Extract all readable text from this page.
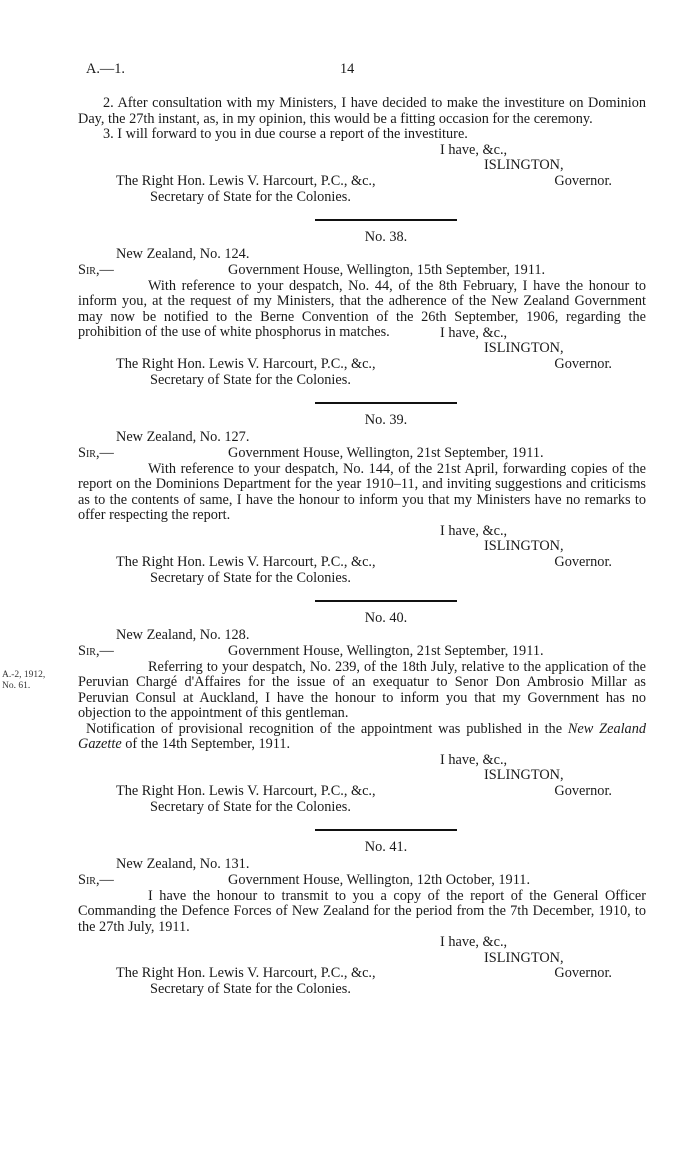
A.—1.	14

2. After consultation with my Ministers, I have decided to make the investiture on Dominion Day, the 27th instant, as, in my opinion, this would be a fitting occasion for the ceremony.

3. I will forward to you in due course a report of the investiture.

I have, &c.,
ISLINGTON,
The Right Hon. Lewis V. Harcourt, P.C., &c.,	Governor.
Secretary of State for the Colonies.
No. 38.
New Zealand, No. 124.
Sir,—	Government House, Wellington, 15th September, 1911.

With reference to your despatch, No. 44, of the 8th February, I have the honour to inform you, at the request of my Ministers, that the adherence of the New Zealand Government may now be notified to the Berne Convention of the 26th September, 1906, regarding the prohibition of the use of white phosphorus in matches.	I have, &c.,
ISLINGTON,
The Right Hon. Lewis V. Harcourt, P.C., &c.,	Governor.
Secretary of State for the Colonies.
No. 39.
New Zealand, No. 127.
Sir,—	Government House, Wellington, 21st September, 1911.

With reference to your despatch, No. 144, of the 21st April, forwarding copies of the report on the Dominions Department for the year 1910–11, and inviting suggestions and criticisms as to the contents of same, I have the honour to inform you that my Ministers have no remarks to offer respecting the report.

I have, &c.,
ISLINGTON,
The Right Hon. Lewis V. Harcourt, P.C., &c.,	Governor.
Secretary of State for the Colonies.
No. 40.
New Zealand, No. 128.
Sir,—	Government House, Wellington, 21st September, 1911.
A.-2, 1912,
No. 61.

Referring to your despatch, No. 239, of the 18th July, relative to the application of the Peruvian Chargé d'Affaires for the issue of an exequatur to Senor Don Ambrosio Millar as Peruvian Consul at Auckland, I have the honour to inform you that my Government has no objection to the appointment of this gentleman.

Notification of provisional recognition of the appointment was published in the New Zealand Gazette of the 14th September, 1911.

I have, &c.,
ISLINGTON,
The Right Hon. Lewis V. Harcourt, P.C., &c.,	Governor.
Secretary of State for the Colonies.
No. 41.
New Zealand, No. 131.
Sir,—	Government House, Wellington, 12th October, 1911.

I have the honour to transmit to you a copy of the report of the General Officer Commanding the Defence Forces of New Zealand for the period from the 7th December, 1910, to the 27th July, 1911.

I have, &c.,
ISLINGTON,
The Right Hon. Lewis V. Harcourt, P.C., &c.,	Governor.
Secretary of State for the Colonies.
